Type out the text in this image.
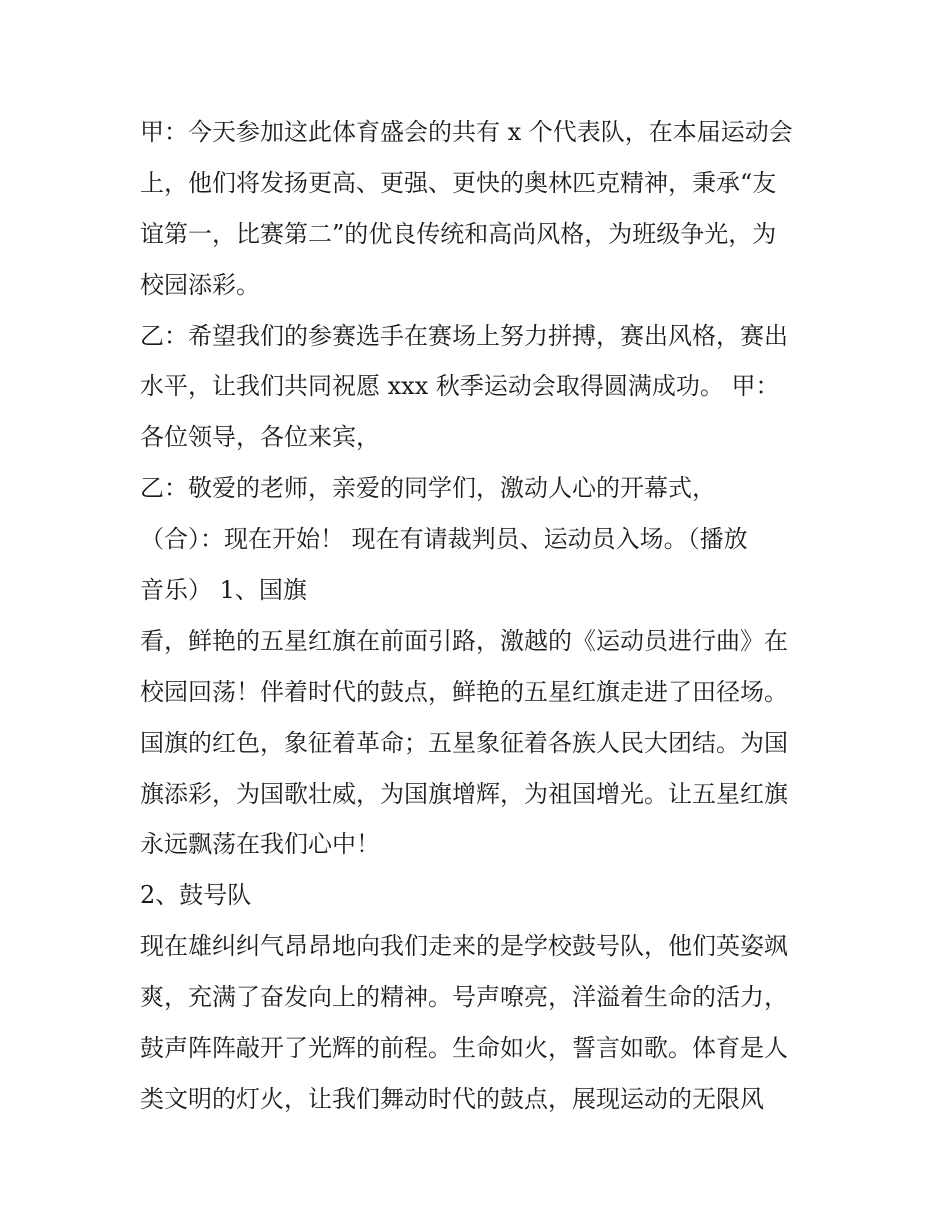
甲：今天参加这此体育盛会的共有 x 个代表队，在本届运动会
上，他们将发扬更高、更强、更快的奥林匹克精神，秉承“友
谊第一，比赛第二”的优良传统和高尚风格，为班级争光，为
校园添彩。
乙：希望我们的参赛选手在赛场上努力拼搏，赛出风格，赛出
水平，让我们共同祝愿 xxx 秋季运动会取得圆满成功。 甲：
各位领导，各位来宾，
乙：敬爱的老师，亲爱的同学们，激动人心的开幕式，
（合）：现在开始！ 现在有请裁判员、运动员入场。（播放
音乐） 1、国旗
看，鲜艳的五星红旗在前面引路，激越的《运动员进行曲》在
校园回荡！伴着时代的鼓点，鲜艳的五星红旗走进了田径场。
国旗的红色，象征着革命；五星象征着各族人民大团结。为国
旗添彩，为国歌壮威，为国旗增辉，为祖国增光。让五星红旗
永远飘荡在我们心中！
2、鼓号队
现在雄纠纠气昂昂地向我们走来的是学校鼓号队，他们英姿飒
爽，充满了奋发向上的精神。号声嘹亮，洋溢着生命的活力，
鼓声阵阵敲开了光辉的前程。生命如火，誓言如歌。体育是人
类文明的灯火，让我们舞动时代的鼓点，展现运动的无限风
